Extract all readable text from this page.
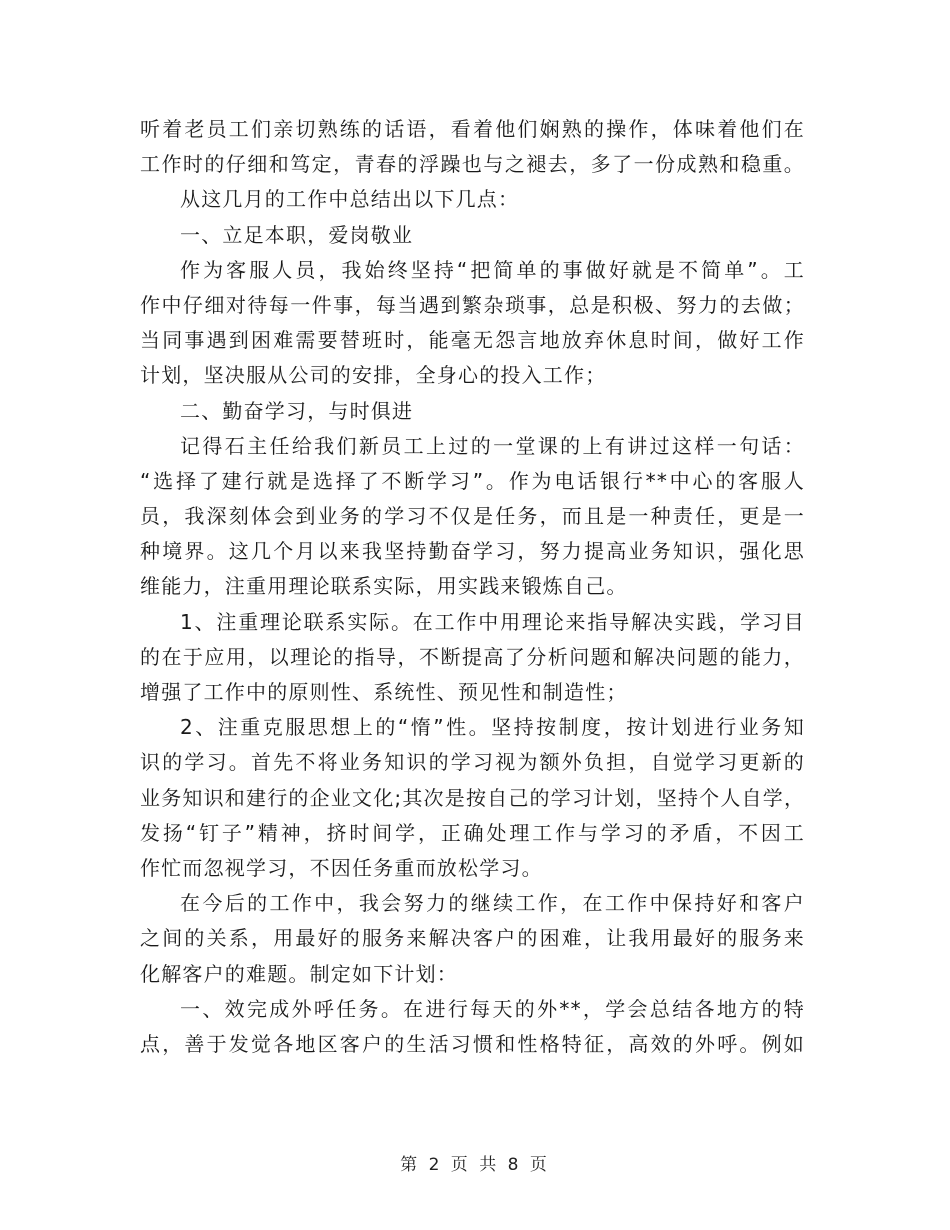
听着老员工们亲切熟练的话语，看着他们娴熟的操作，体味着他们在
工作时的仔细和笃定，青春的浮躁也与之褪去，多了一份成熟和稳重。
从这几月的工作中总结出以下几点：
一、立足本职，爱岗敬业
作为客服人员，我始终坚持“把简单的事做好就是不简单”。工
作中仔细对待每一件事，每当遇到繁杂琐事，总是积极、努力的去做；
当同事遇到困难需要替班时，能毫无怨言地放弃休息时间，做好工作
计划，坚决服从公司的安排，全身心的投入工作；
二、勤奋学习，与时俱进
记得石主任给我们新员工上过的一堂课的上有讲过这样一句话：
“选择了建行就是选择了不断学习”。作为电话银行**中心的客服人
员，我深刻体会到业务的学习不仅是任务，而且是一种责任，更是一
种境界。这几个月以来我坚持勤奋学习，努力提高业务知识，强化思
维能力，注重用理论联系实际，用实践来锻炼自己。
1、注重理论联系实际。在工作中用理论来指导解决实践，学习目
的在于应用，以理论的指导，不断提高了分析问题和解决问题的能力，
增强了工作中的原则性、系统性、预见性和制造性；
2、注重克服思想上的“惰”性。坚持按制度，按计划进行业务知
识的学习。首先不将业务知识的学习视为额外负担，自觉学习更新的
业务知识和建行的企业文化;其次是按自己的学习计划，坚持个人自学，
发扬“钉子”精神，挤时间学，正确处理工作与学习的矛盾，不因工
作忙而忽视学习，不因任务重而放松学习。
在今后的工作中，我会努力的继续工作，在工作中保持好和客户
之间的关系，用最好的服务来解决客户的困难，让我用最好的服务来
化解客户的难题。制定如下计划：
一、效完成外呼任务。在进行每天的外**，学会总结各地方的特
点，善于发觉各地区客户的生活习惯和性格特征，高效的外呼。例如
第 2 页 共 8 页
